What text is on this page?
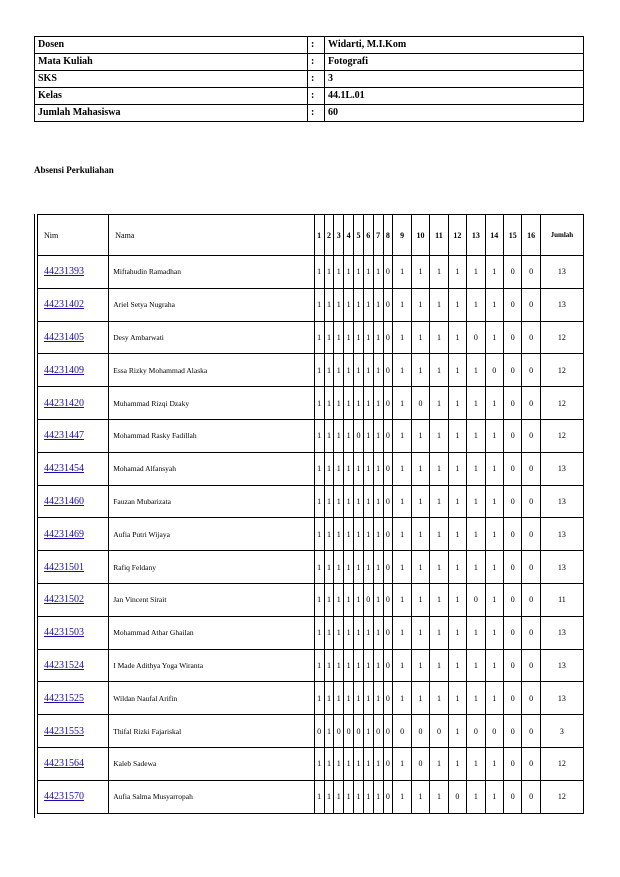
Dosen	:	Widarti, M.I.Kom
Mata Kuliah	:	Fotografi
SKS	:	3
Kelas	:	44.1L.01
Jumlah Mahasiswa	:	60
Absensi Perkuliahan
Nim	Nama	1	2	3	4	5	6	7	8	9	10	11	12	13	14	15	16	Jumlah
44231393	Miftahudin Ramadhan	1	1	1	1	1	1	1	0	1	1	1	1	1	1	0	0	13
44231402	Ariel Setya Nugraha	1	1	1	1	1	1	1	0	1	1	1	1	1	1	0	0	13
44231405	Desy Ambarwati	1	1	1	1	1	1	1	0	1	1	1	1	0	1	0	0	12
44231409	Essa Rizky Mohammad Alaska	1	1	1	1	1	1	1	0	1	1	1	1	1	0	0	0	12
44231420	Muhammad Rizqi Dzaky	1	1	1	1	1	1	1	0	1	0	1	1	1	1	0	0	12
44231447	Mohammad Rasky Fadillah	1	1	1	1	0	1	1	0	1	1	1	1	1	1	0	0	12
44231454	Mohamad Alfansyah	1	1	1	1	1	1	1	0	1	1	1	1	1	1	0	0	13
44231460	Fauzan Mubarizata	1	1	1	1	1	1	1	0	1	1	1	1	1	1	0	0	13
44231469	Aufia Putri Wijaya	1	1	1	1	1	1	1	0	1	1	1	1	1	1	0	0	13
44231501	Rafiq Feldany	1	1	1	1	1	1	1	0	1	1	1	1	1	1	0	0	13
44231502	Jan Vincent Sirait	1	1	1	1	1	0	1	0	1	1	1	1	0	1	0	0	11
44231503	Mohammad Athar Ghailan	1	1	1	1	1	1	1	0	1	1	1	1	1	1	0	0	13
44231524	I Made Adithya Yoga Wiranta	1	1	1	1	1	1	1	0	1	1	1	1	1	1	0	0	13
44231525	Wildan Naufal Arifin	1	1	1	1	1	1	1	0	1	1	1	1	1	1	0	0	13
44231553	Thifal Rizki Fajariskal	0	1	0	0	0	1	0	0	0	0	0	1	0	0	0	0	3
44231564	Kaleb Sadewa	1	1	1	1	1	1	1	0	1	0	1	1	1	1	0	0	12
44231570	Aufia Salma Musyarropah	1	1	1	1	1	1	1	0	1	1	1	0	1	1	0	0	12
